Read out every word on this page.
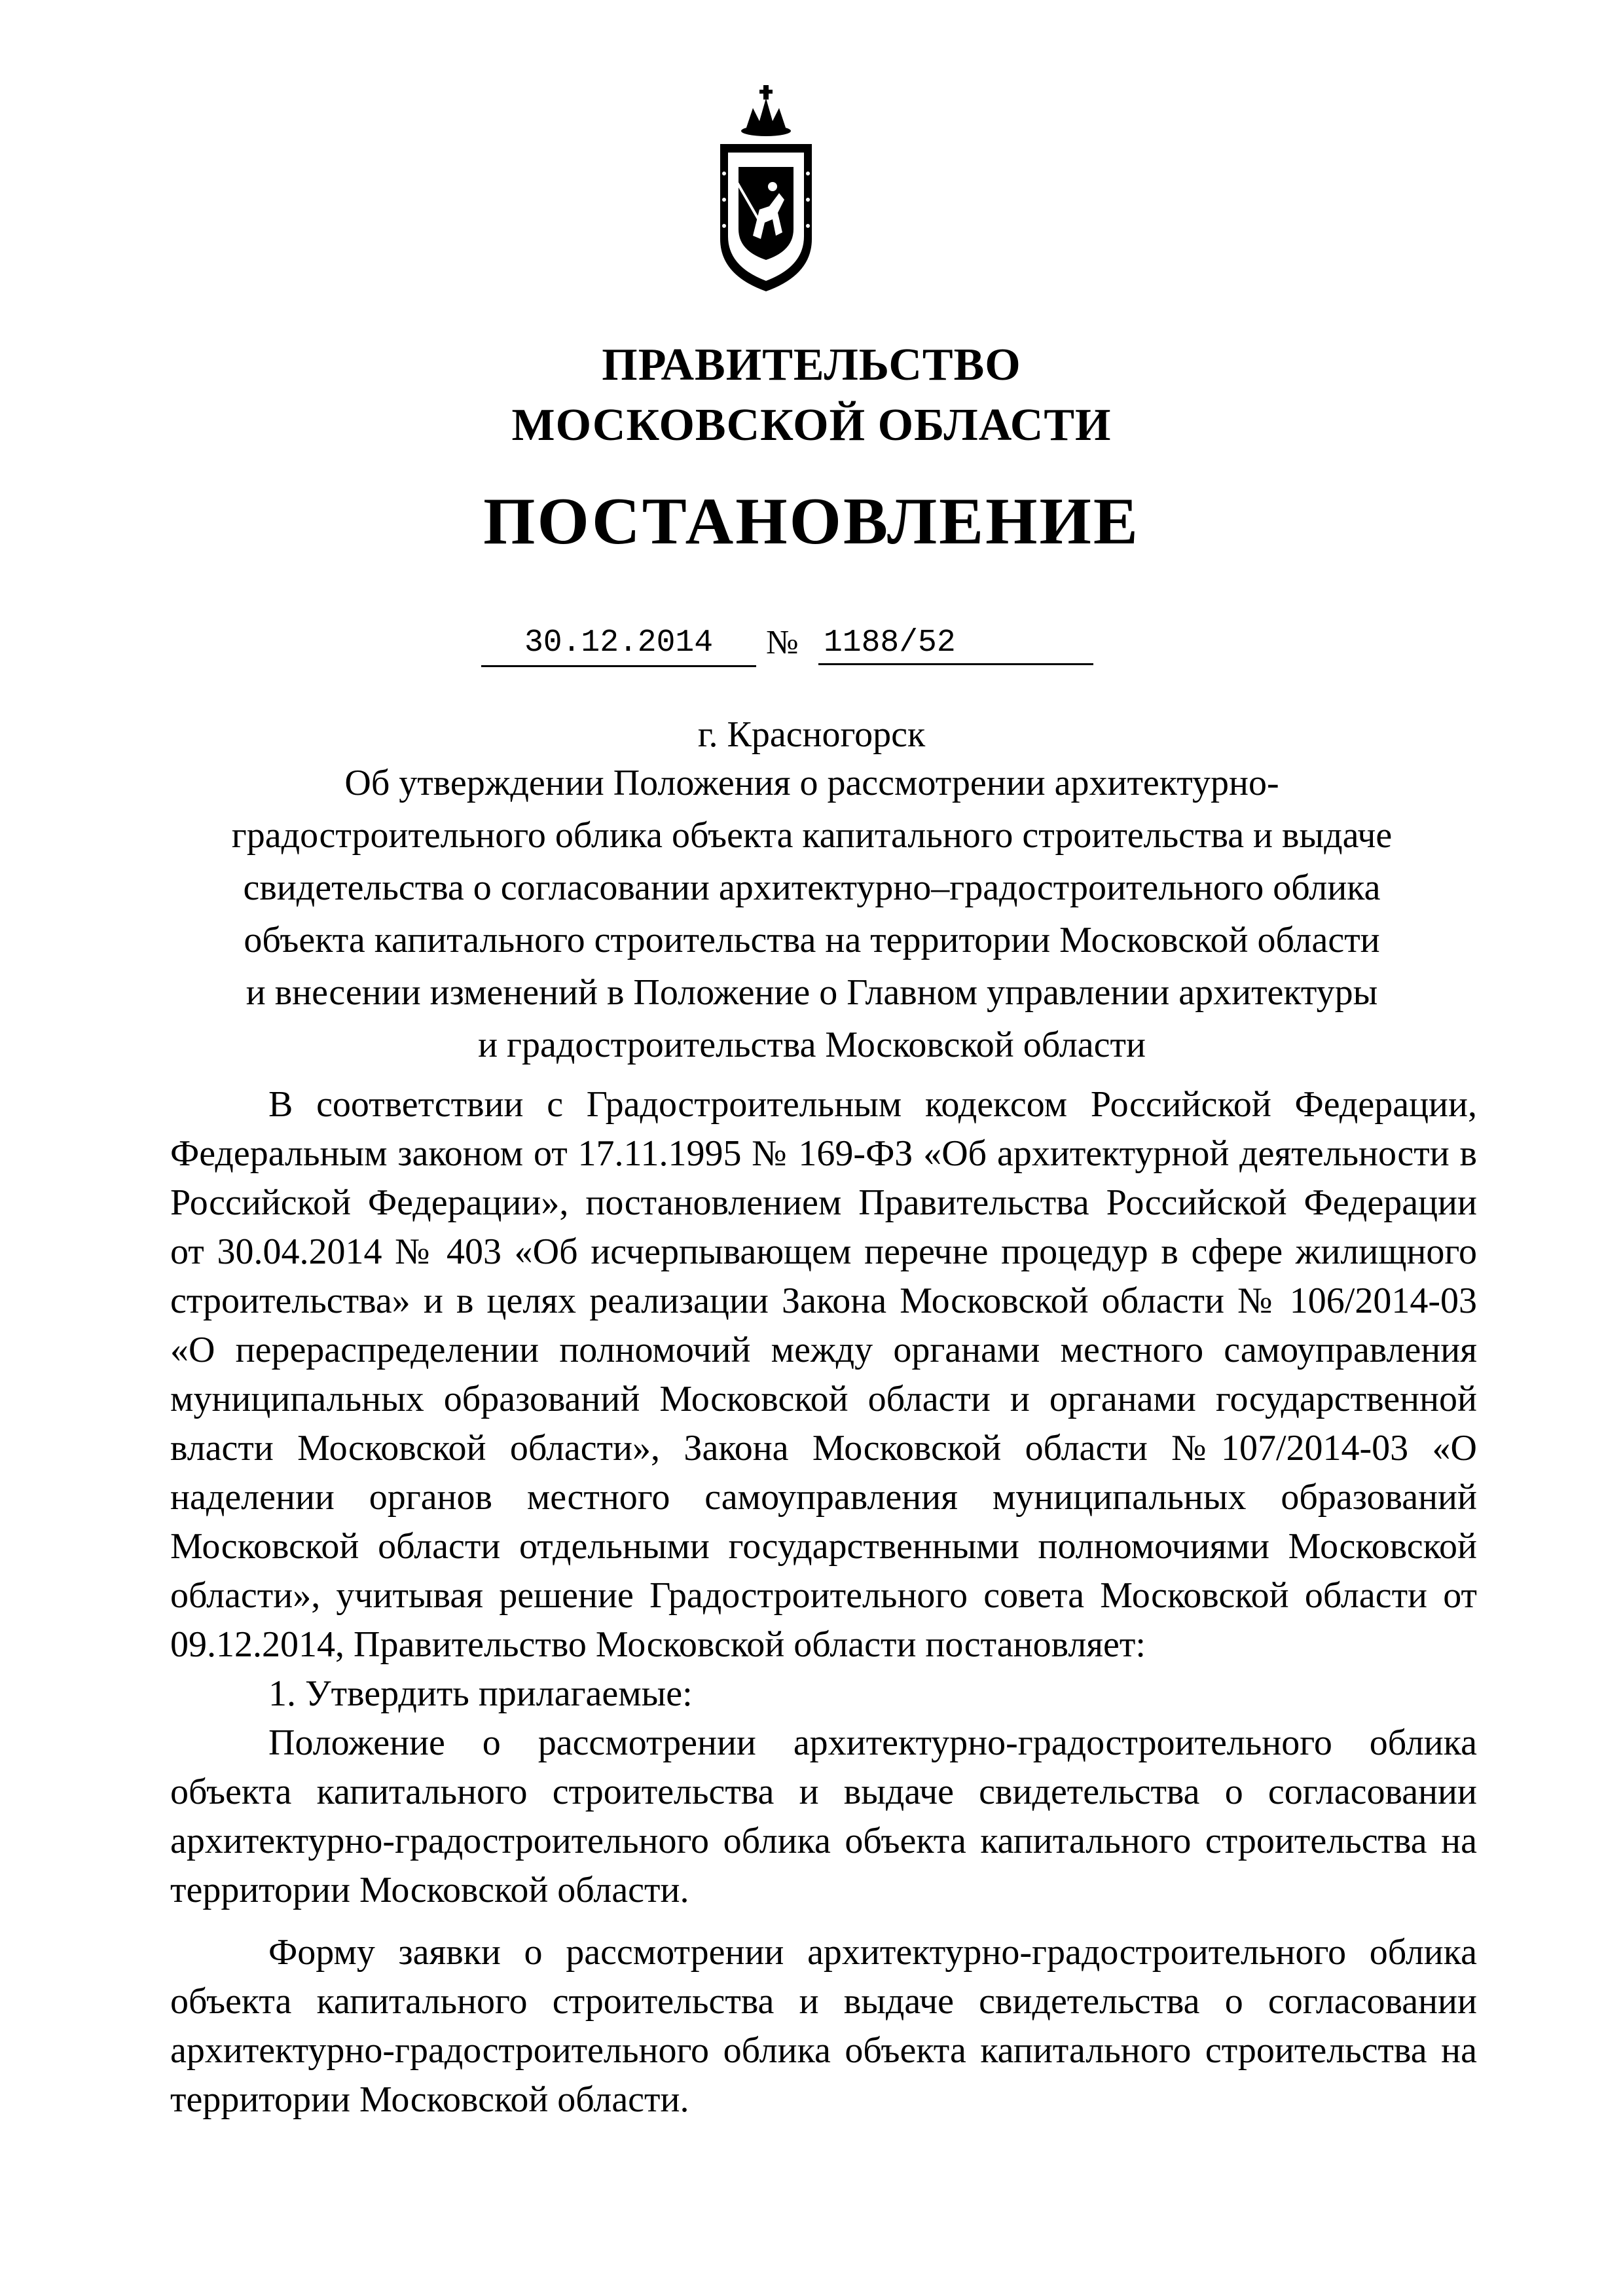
ПРАВИТЕЛЬСТВО
МОСКОВСКОЙ ОБЛАСТИ
ПОСТАНОВЛЕНИЕ
30.12.2014	№ 1188/52
г. Красногорск
Об утверждении Положения о рассмотрении архитектурно-
градостроительного облика объекта капитального строительства и выдаче
свидетельства о согласовании архитектурно–градостроительного облика
объекта капитального строительства на территории Московской области
и внесении изменений в Положение о Главном управлении архитектуры
и градостроительства Московской области

В соответствии с Градостроительным кодексом Российской Федерации, Федеральным законом от 17.11.1995 № 169-ФЗ «Об архитектурной деятельности в Российской Федерации», постановлением Правительства Российской Федерации от 30.04.2014 № 403 «Об исчерпывающем перечне процедур в сфере жилищного строительства» и в целях реализации Закона Московской области № 106/2014-03 «О перераспределении полномочий между органами местного самоуправления муниципальных образований Московской области и органами государственной власти Московской области», Закона Московской области №107/2014-03 «О наделении органов местного самоуправления муниципальных образований Московской области отдельными государственными полномочиями Московской области», учитывая решение Градостроительного совета Московской области от 09.12.2014, Правительство Московской области постановляет:

1. Утвердить прилагаемые:

Положение о рассмотрении архитектурно-градостроительного облика объекта капитального строительства и выдаче свидетельства о согласовании архитектурно-градостроительного облика объекта капитального строительства на территории Московской области.

Форму заявки о рассмотрении архитектурно-градостроительного облика объекта капитального строительства и выдаче свидетельства о согласовании архитектурно-градостроительного облика объекта капитального строительства на территории Московской области.
